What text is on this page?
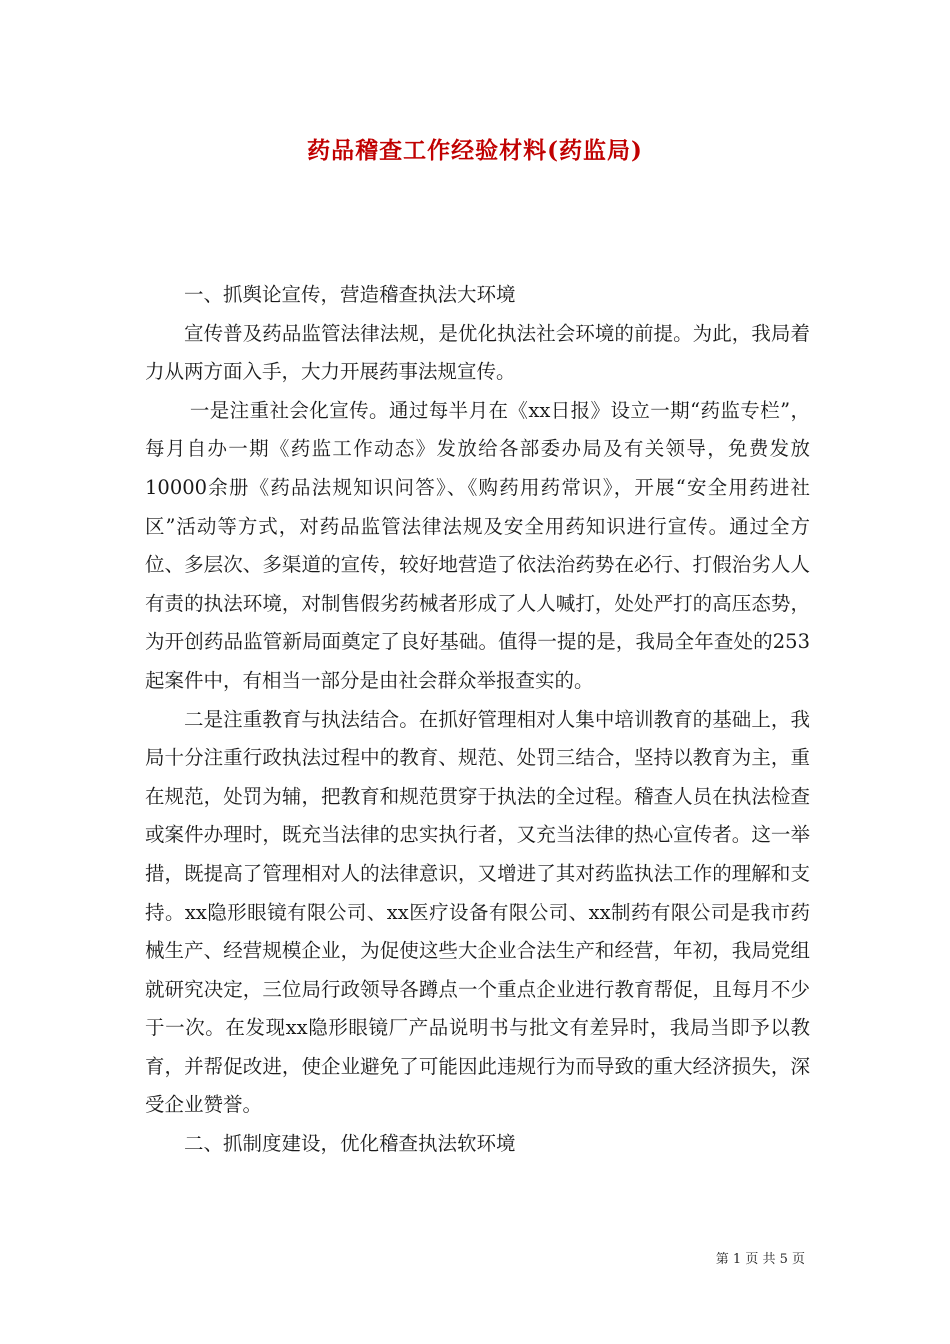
药品稽查工作经验材料(药监局)

一、抓舆论宣传，营造稽查执法大环境

宣传普及药品监管法律法规，是优化执法社会环境的前提。为此，我局着力从两方面入手，大力开展药事法规宣传。

一是注重社会化宣传。通过每半月在《xx日报》设立一期“药监专栏”，每月自办一期《药监工作动态》发放给各部委办局及有关领导，免费发放10000余册《药品法规知识问答》、《购药用药常识》，开展“安全用药进社区”活动等方式，对药品监管法律法规及安全用药知识进行宣传。通过全方位、多层次、多渠道的宣传，较好地营造了依法治药势在必行、打假治劣人人有责的执法环境，对制售假劣药械者形成了人人喊打，处处严打的高压态势，为开创药品监管新局面奠定了良好基础。值得一提的是，我局全年查处的253起案件中，有相当一部分是由社会群众举报查实的。

二是注重教育与执法结合。在抓好管理相对人集中培训教育的基础上，我局十分注重行政执法过程中的教育、规范、处罚三结合，坚持以教育为主，重在规范，处罚为辅，把教育和规范贯穿于执法的全过程。稽查人员在执法检查或案件办理时，既充当法律的忠实执行者，又充当法律的热心宣传者。这一举措，既提高了管理相对人的法律意识，又增进了其对药监执法工作的理解和支持。xx隐形眼镜有限公司、xx医疗设备有限公司、xx制药有限公司是我市药械生产、经营规模企业，为促使这些大企业合法生产和经营，年初，我局党组就研究决定，三位局行政领导各蹲点一个重点企业进行教育帮促，且每月不少于一次。在发现xx隐形眼镜厂产品说明书与批文有差异时，我局当即予以教育，并帮促改进，使企业避免了可能因此违规行为而导致的重大经济损失，深受企业赞誉。

二、抓制度建设，优化稽查执法软环境

第 1 页 共 5 页
